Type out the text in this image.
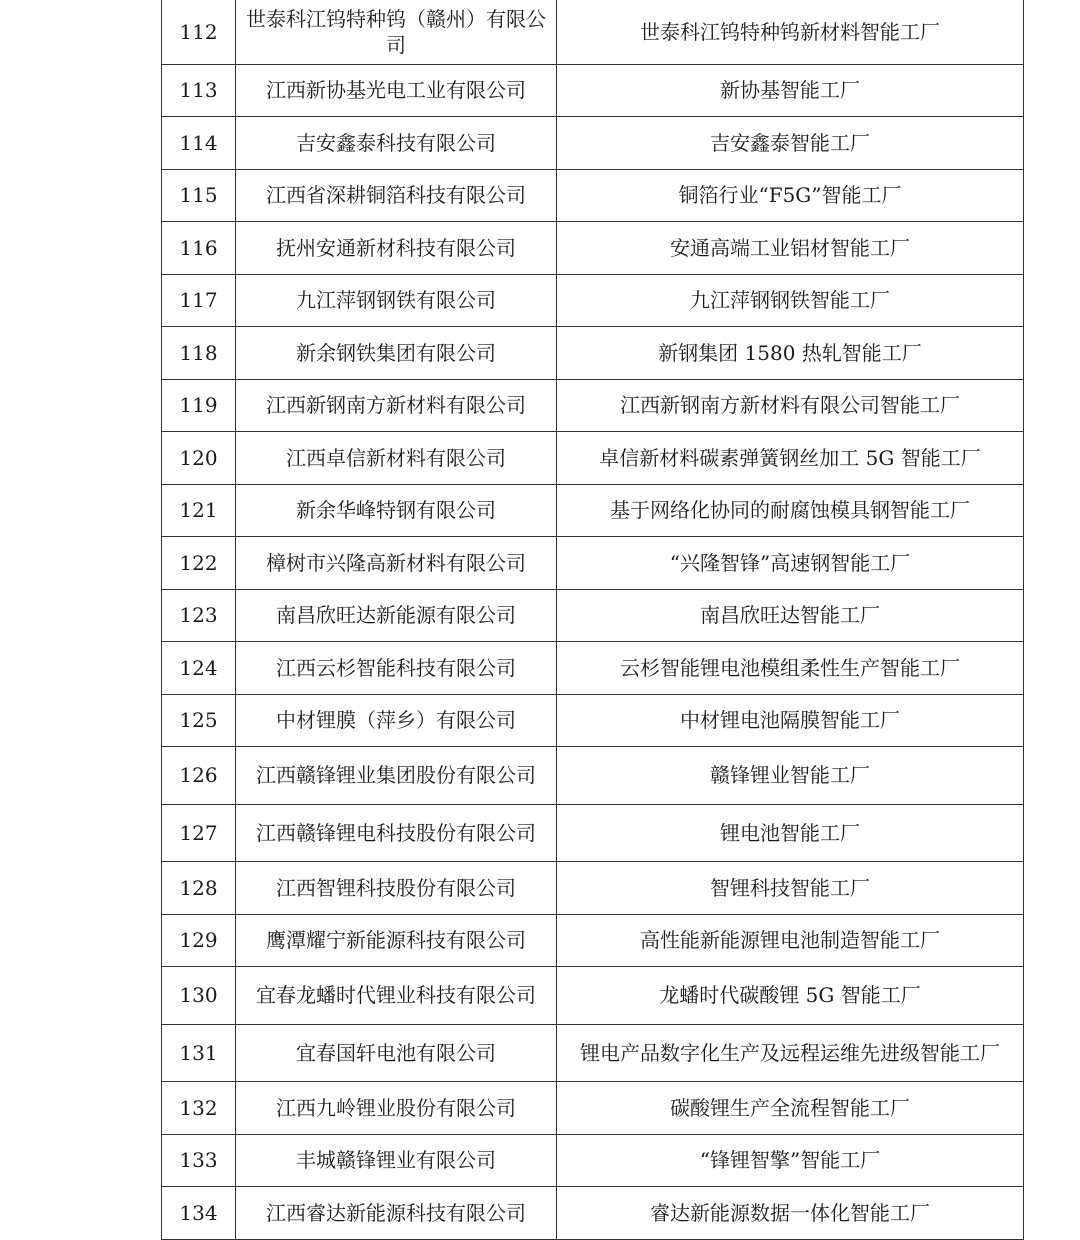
112	世泰科江钨特种钨（赣州）有限公司	世泰科江钨特种钨新材料智能工厂
113	江西新协基光电工业有限公司	新协基智能工厂
114	吉安鑫泰科技有限公司	吉安鑫泰智能工厂
115	江西省深耕铜箔科技有限公司	铜箔行业“F5G”智能工厂
116	抚州安通新材科技有限公司	安通高端工业铝材智能工厂
117	九江萍钢钢铁有限公司	九江萍钢钢铁智能工厂
118	新余钢铁集团有限公司	新钢集团 1580 热轧智能工厂
119	江西新钢南方新材料有限公司	江西新钢南方新材料有限公司智能工厂
120	江西卓信新材料有限公司	卓信新材料碳素弹簧钢丝加工 5G 智能工厂
121	新余华峰特钢有限公司	基于网络化协同的耐腐蚀模具钢智能工厂
122	樟树市兴隆高新材料有限公司	“兴隆智锋”高速钢智能工厂
123	南昌欣旺达新能源有限公司	南昌欣旺达智能工厂
124	江西云杉智能科技有限公司	云杉智能锂电池模组柔性生产智能工厂
125	中材锂膜（萍乡）有限公司	中材锂电池隔膜智能工厂
126	江西赣锋锂业集团股份有限公司	赣锋锂业智能工厂
127	江西赣锋锂电科技股份有限公司	锂电池智能工厂
128	江西智锂科技股份有限公司	智锂科技智能工厂
129	鹰潭耀宁新能源科技有限公司	高性能新能源锂电池制造智能工厂
130	宜春龙蟠时代锂业科技有限公司	龙蟠时代碳酸锂 5G 智能工厂
131	宜春国轩电池有限公司	锂电产品数字化生产及远程运维先进级智能工厂
132	江西九岭锂业股份有限公司	碳酸锂生产全流程智能工厂
133	丰城赣锋锂业有限公司	“锋锂智擎”智能工厂
134	江西睿达新能源科技有限公司	睿达新能源数据一体化智能工厂
